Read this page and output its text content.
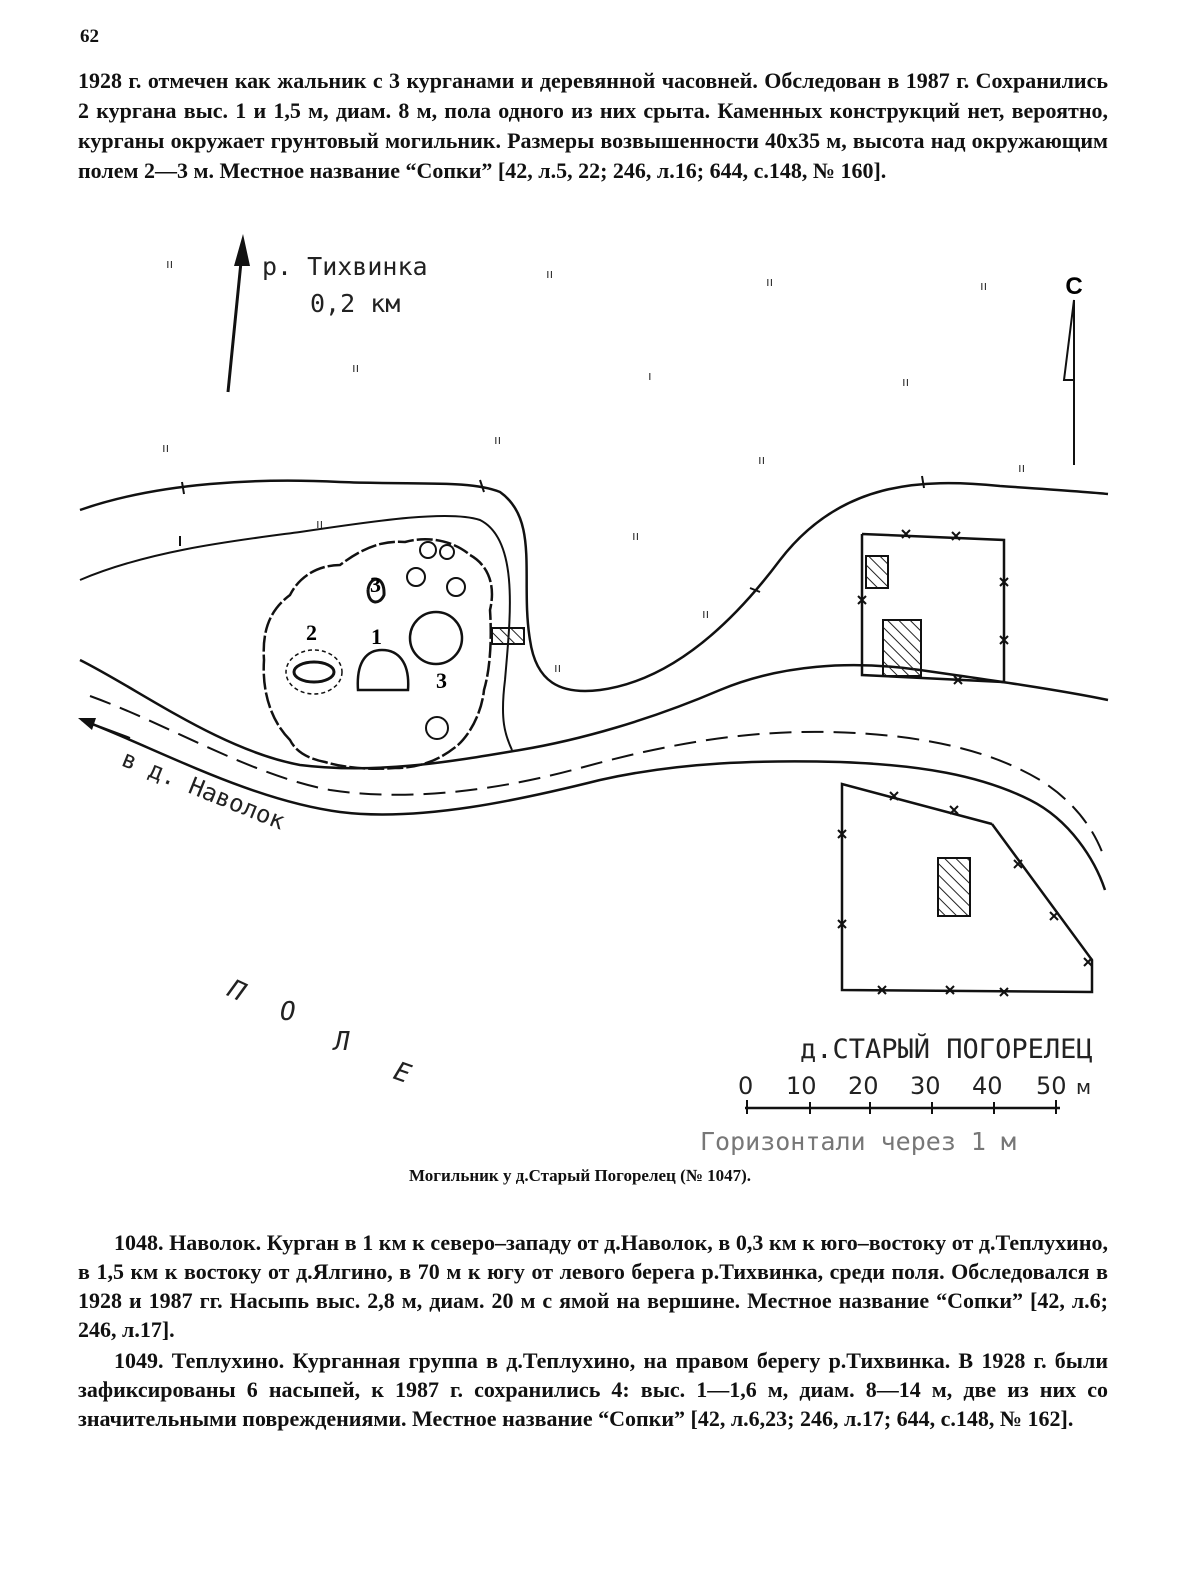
62

1928 г. отмечен как жальник с 3 курганами и деревянной часовней. Обследован в 1987 г. Сохранились 2 кургана выс. 1 и 1,5 м, диам. 8 м, пола одного из них срыта. Каменных конструкций нет, вероятно, курганы окружает грунтовый могильник. Размеры возвышенности 40х35 м, высота над окружающим полем 2—3 м. Местное название “Сопки” [42, л.5, 22; 246, л.16; 644, с.148, № 160].

р. Тихвинка
0,2 км
С
ıı
ıı
ıı	ıı
ıı
ı	ıı
ıı
ıı
ıı
ıı
ıı
ıı
ıı
ıı
1
2
3
3
в д. Наволок
П
О
Л
Е
д.СТАРЫЙ ПОГОРЕЛЕЦ
0 10 20 30 40 50 м
Горизонтали через 1 м
Могильник у д.Старый Погорелец (№ 1047).

1048. Наволок. Курган в 1 км к северо–западу от д.Наволок, в 0,3 км к юго–востоку от д.Теплухино, в 1,5 км к востоку от д.Ялгино, в 70 м к югу от левого берега р.Тихвинка, среди поля. Обследовался в 1928 и 1987 гг. Насыпь выс. 2,8 м, диам. 20 м с ямой на вершине. Местное название “Сопки” [42, л.6; 246, л.17].

1049. Теплухино. Курганная группа в д.Теплухино, на правом берегу р.Тихвинка. В 1928 г. были зафиксированы 6 насыпей, к 1987 г. сохранились 4: выс. 1—1,6 м, диам. 8—14 м, две из них со значительными повреждениями. Местное название “Сопки” [42, л.6,23; 246, л.17; 644, с.148, № 162].
